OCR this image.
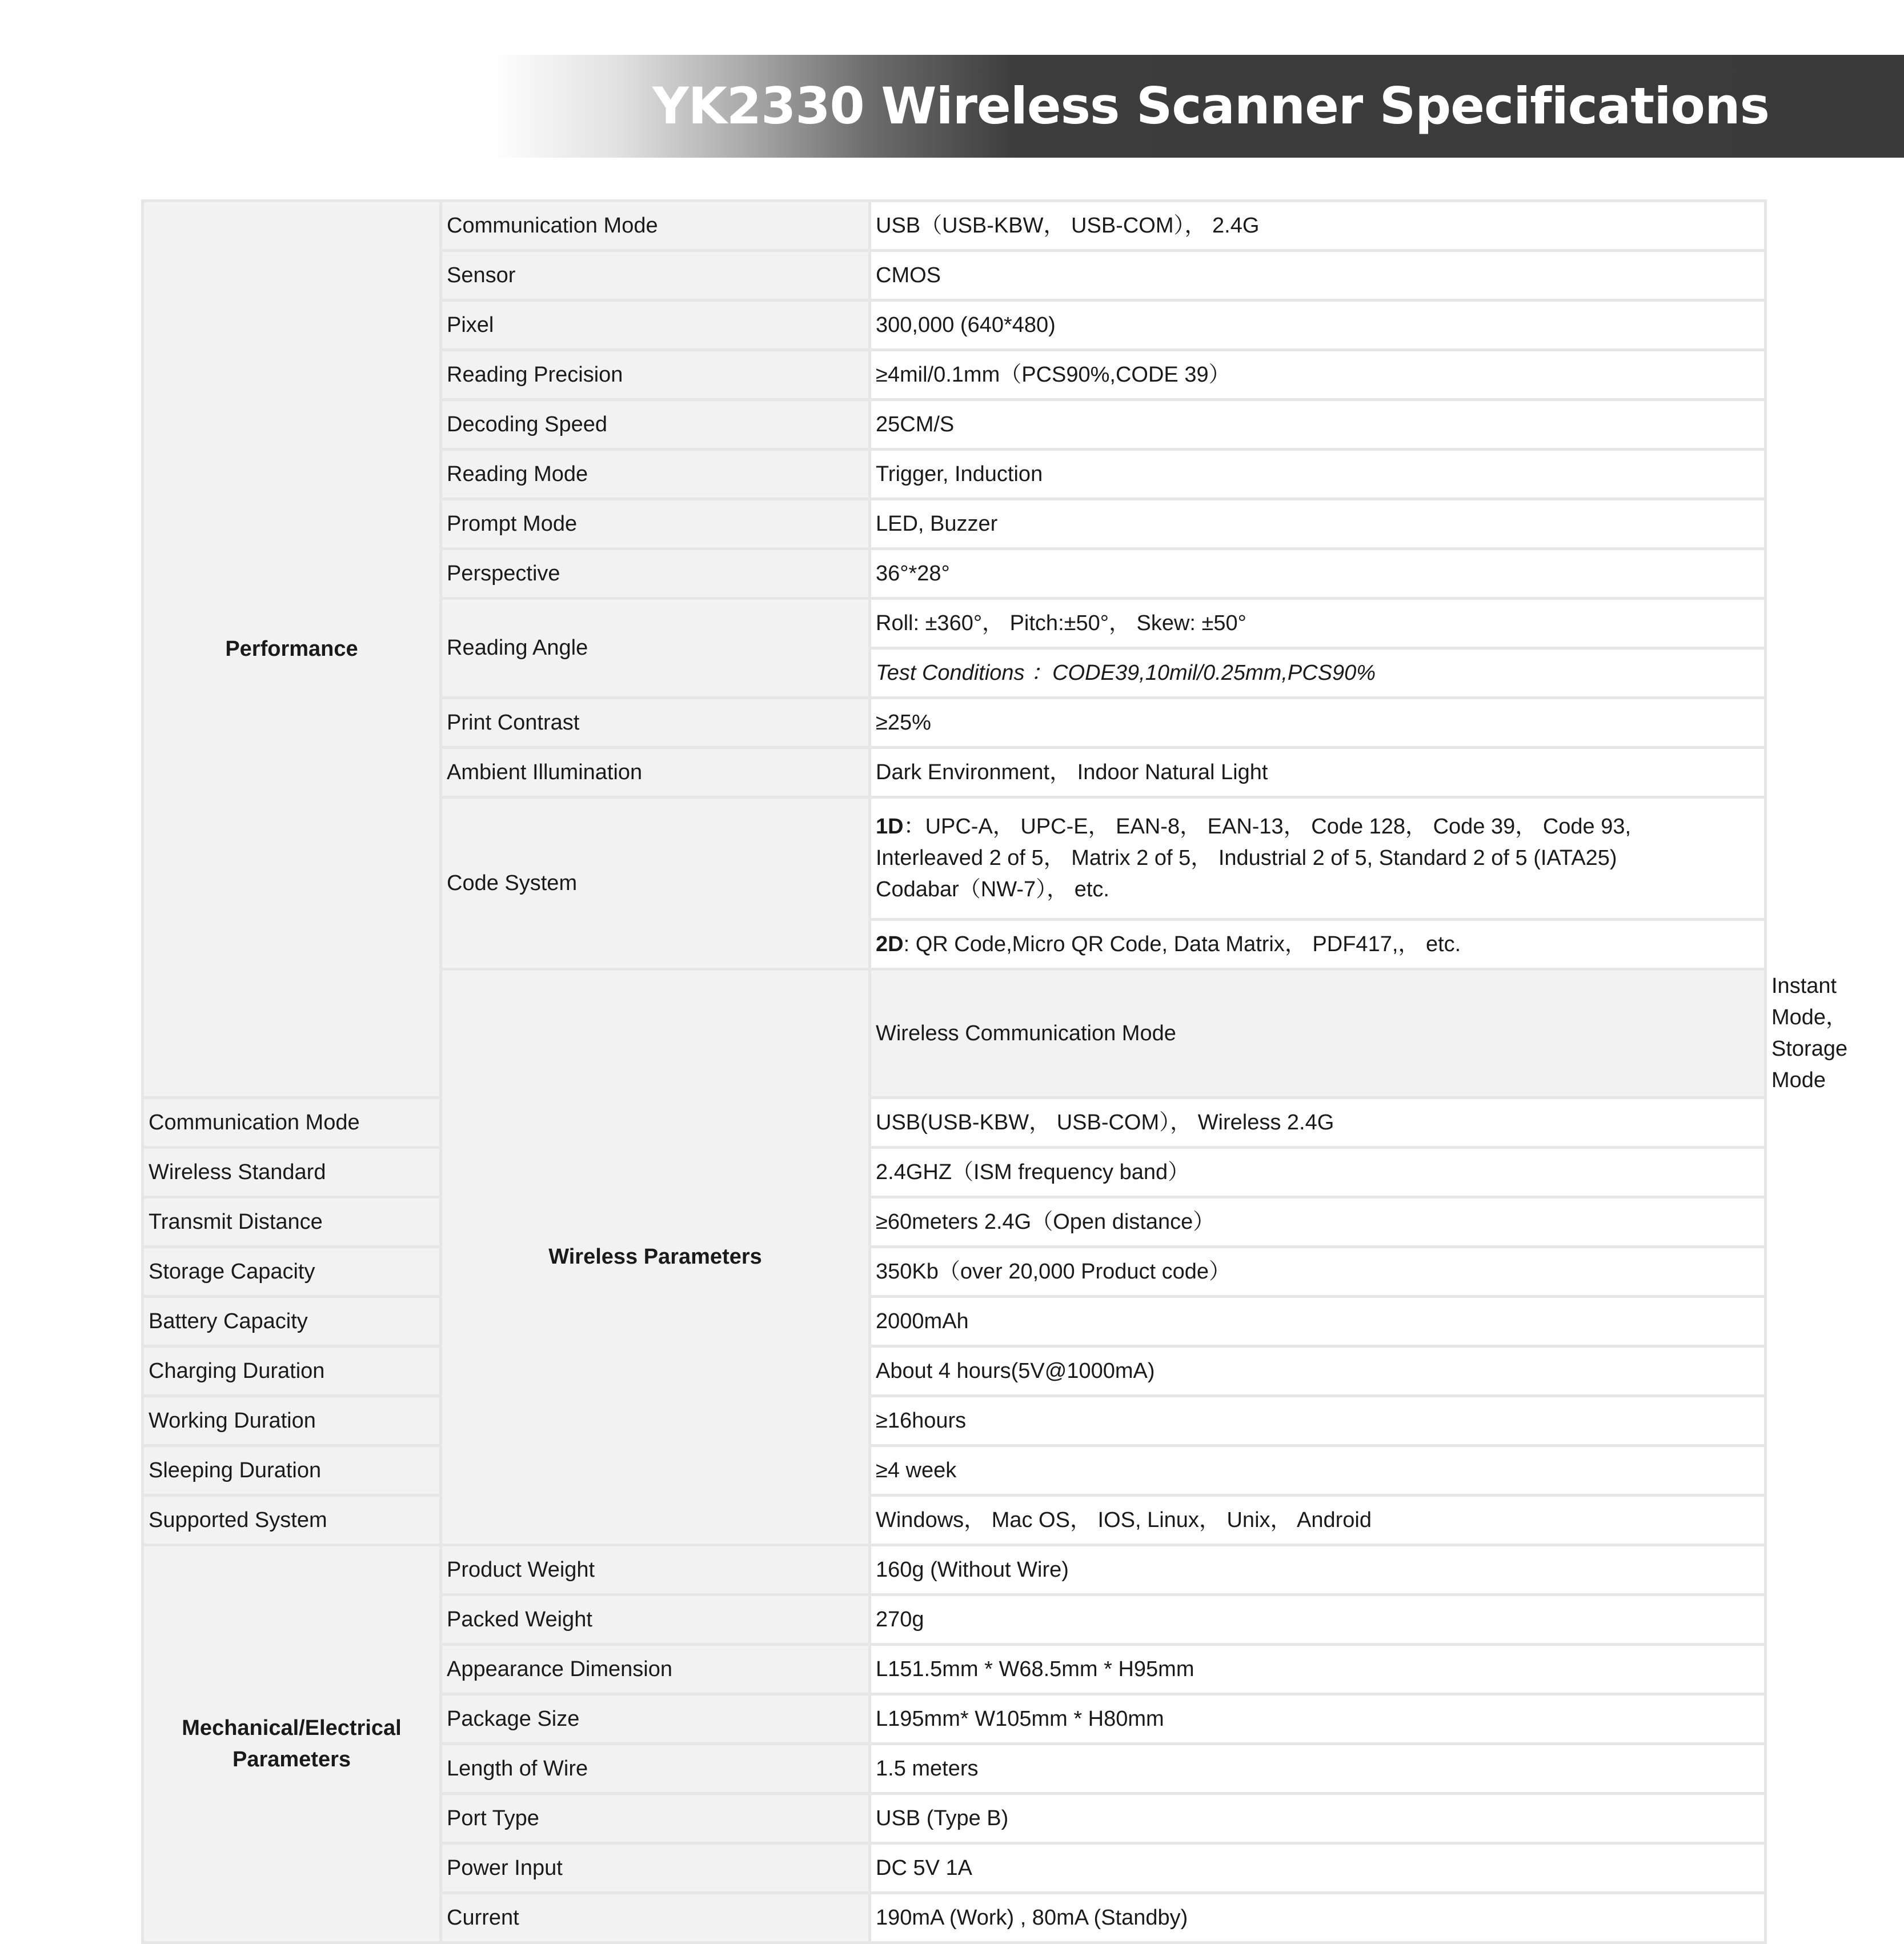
YK2330 Wireless Scanner Specifications
Performance	Communication Mode	USB（USB-KBW， USB-COM）， 2.4G	
	Sensor	CMOS	
	Pixel	300,000 (640*480)	
	Reading Precision	≥4mil/0.1mm（PCS90%,CODE 39）	
	Decoding Speed	25CM/S	
	Reading Mode	Trigger, Induction	
	Prompt Mode	LED, Buzzer	
	Perspective	36°*28°	
	Reading Angle	Roll: ±360°， Pitch:±50°， Skew: ±50°	
		Test Conditions ：CODE39,10mil/0.25mm,PCS90%	
	Print Contrast	≥25%	
	Ambient Illumination	Dark Environment， Indoor Natural Light	
	Code System	1D：UPC-A， UPC-E， EAN-8， EAN-13， Code 128， Code 39， Code 93,
Interleaved 2 of 5， Matrix 2 of 5， Industrial 2 of 5, Standard 2 of 5 (IATA25)
Codabar（NW-7）， etc.	

		2D: QR Code,Micro QR Code, Data Matrix， PDF417,， etc.	
	Wireless Parameters	Wireless Communication Mode	Instant Mode， Storage Mode
Communication Mode		USB(USB-KBW， USB-COM）， Wireless 2.4G	
Wireless Standard		2.4GHZ（ISM frequency band）	
Transmit Distance		≥60meters 2.4G（Open distance）	
Storage Capacity		350Kb（over 20,000 Product code）	
Battery Capacity		2000mAh	
Charging Duration		About 4 hours(5V@1000mA)	
Working Duration		≥16hours	
Sleeping Duration		≥4 week	
Supported System		Windows， Mac OS， IOS, Linux， Unix， Android	
Mechanical/Electrical Parameters	Product Weight	160g (Without Wire)	
	Packed Weight	270g	
	Appearance Dimension	L151.5mm * W68.5mm * H95mm	
	Package Size	L195mm* W105mm * H80mm	
	Length of Wire	1.5 meters	
	Port Type	USB (Type B)	
	Power Input	DC 5V 1A	
	Current	190mA (Work) , 80mA (Standby)	
